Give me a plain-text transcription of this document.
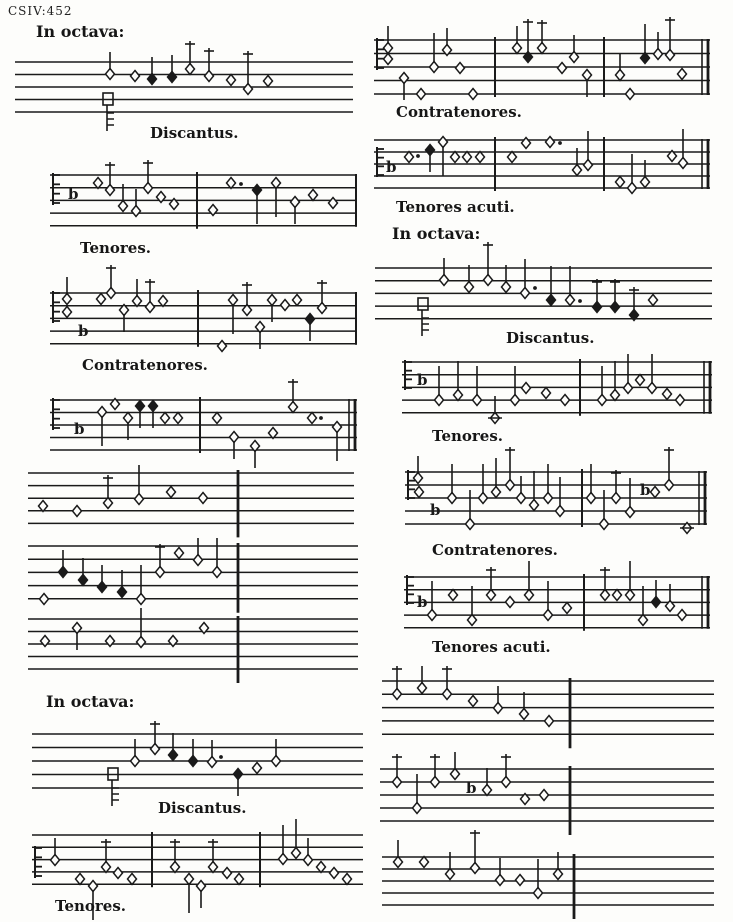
CSIV:452
b
b
b
b
b
b
b
b
b
In octava:
Discantus.
Tenores.
Contratenores.
In octava:
Discantus.
Tenores.
Contratenores.
Tenores acuti.
In octava:
Discantus.
Tenores.
Contratenores.
Tenores acuti.
